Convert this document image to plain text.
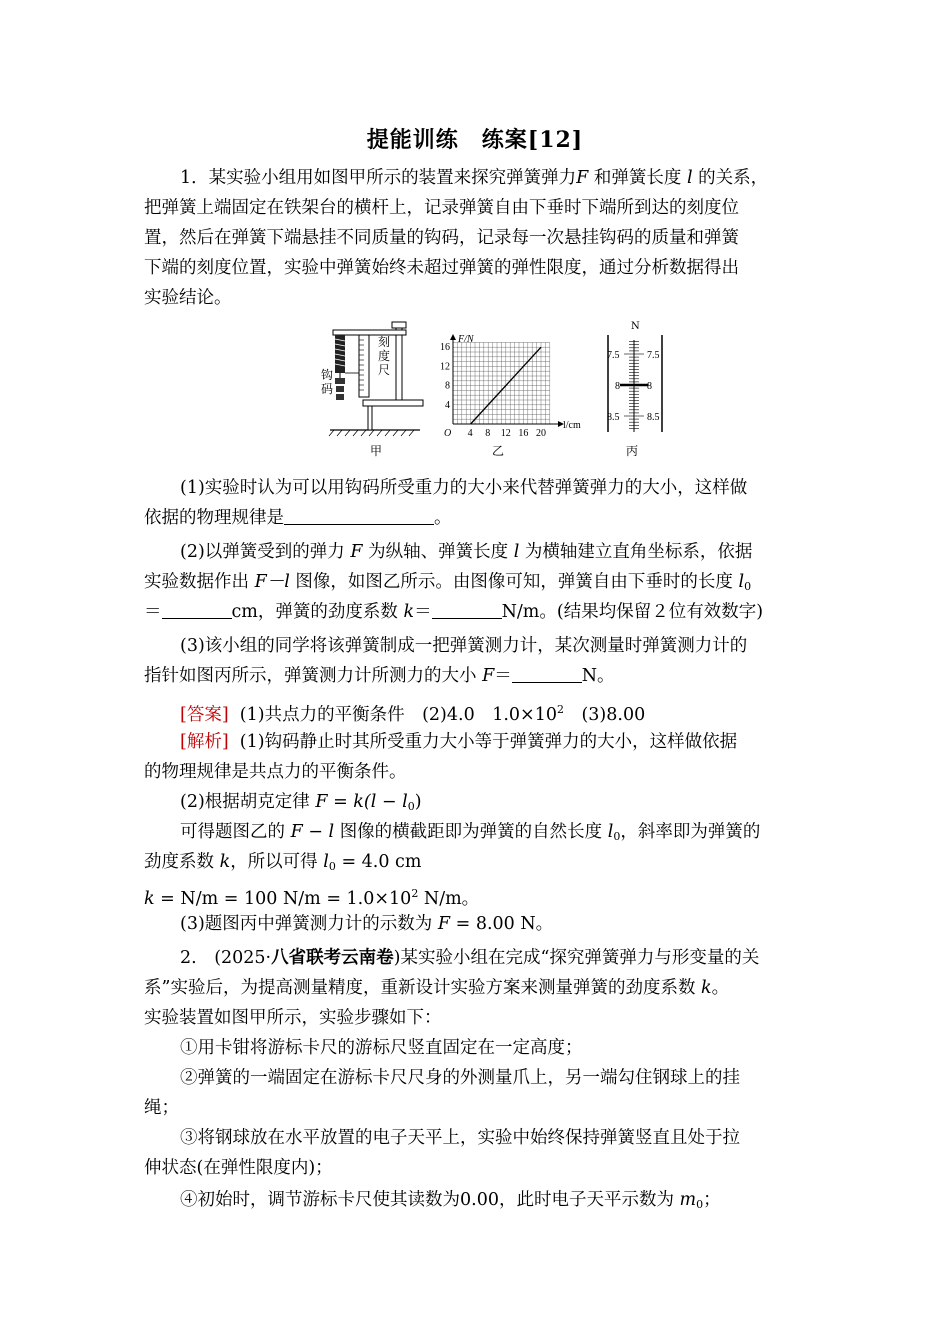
提能训练　练案[12]
1．某实验小组用如图甲所示的装置来探究弹簧弹力F 和弹簧长度 l 的关系，
把弹簧上端固定在铁架台的横杆上，记录弹簧自由下垂时下端所到达的刻度位
置，然后在弹簧下端悬挂不同质量的钩码，记录每一次悬挂钩码的质量和弹簧
下端的刻度位置，实验中弹簧始终未超过弹簧的弹性限度，通过分析数据得出
实验结论。
4 8 12 16 20
4
8
12
16
F/N
l/cm
O
7.5	7.5
8	8
8.5	8.5
钩
码
刻
度
尺
甲	乙	丙
N
(1)实验时认为可以用钩码所受重力的大小来代替弹簧弹力的大小，这样做
依据的物理规律是	。
(2)以弹簧受到的弹力 F 为纵轴、弹簧长度 l 为横轴建立直角坐标系，依据
实验数据作出 F－l 图像，如图乙所示。由图像可知，弹簧自由下垂时的长度 $l_0$
＝	cm，弹簧的劲度系数 k＝	N/m。(结果均保留２位有效数字)
(3)该小组的同学将该弹簧制成一把弹簧测力计，某次测量时弹簧测力计的
指针如图丙所示，弹簧测力计所测力的大小 F＝	N。
[答案] (1)共点力的平衡条件　(2)4.0　$1.0\times 10^2$　(3)8.00
[解析] (1)钩码静止时其所受重力大小等于弹簧弹力的大小，这样做依据
的物理规律是共点力的平衡条件。
(2)根据胡克定律 $F = k(l - l_0)$
可得题图乙的 F − l 图像的横截距即为弹簧的自然长度 $l_0$，斜率即为弹簧的
劲度系数 k，所以可得 $l_0 = 4.0$ cm
k = N/m = 100 $N/m = 1.0\times 10^2$ N/m。
(3)题图丙中弹簧测力计的示数为 F = 8.00 N。
2.　(2025·八省联考云南卷)某实验小组在完成“探究弹簧弹力与形变量的关
系”实验后，为提高测量精度，重新设计实验方案来测量弹簧的劲度系数 k。
实验装置如图甲所示，实验步骤如下：
①用卡钳将游标卡尺的游标尺竖直固定在一定高度；
②弹簧的一端固定在游标卡尺尺身的外测量爪上，另一端勾住钢球上的挂
绳；
③将钢球放在水平放置的电子天平上，实验中始终保持弹簧竖直且处于拉
伸状态(在弹性限度内)；
④初始时，调节游标卡尺使其读数为0.00，此时电子天平示数为 $m_0$；
